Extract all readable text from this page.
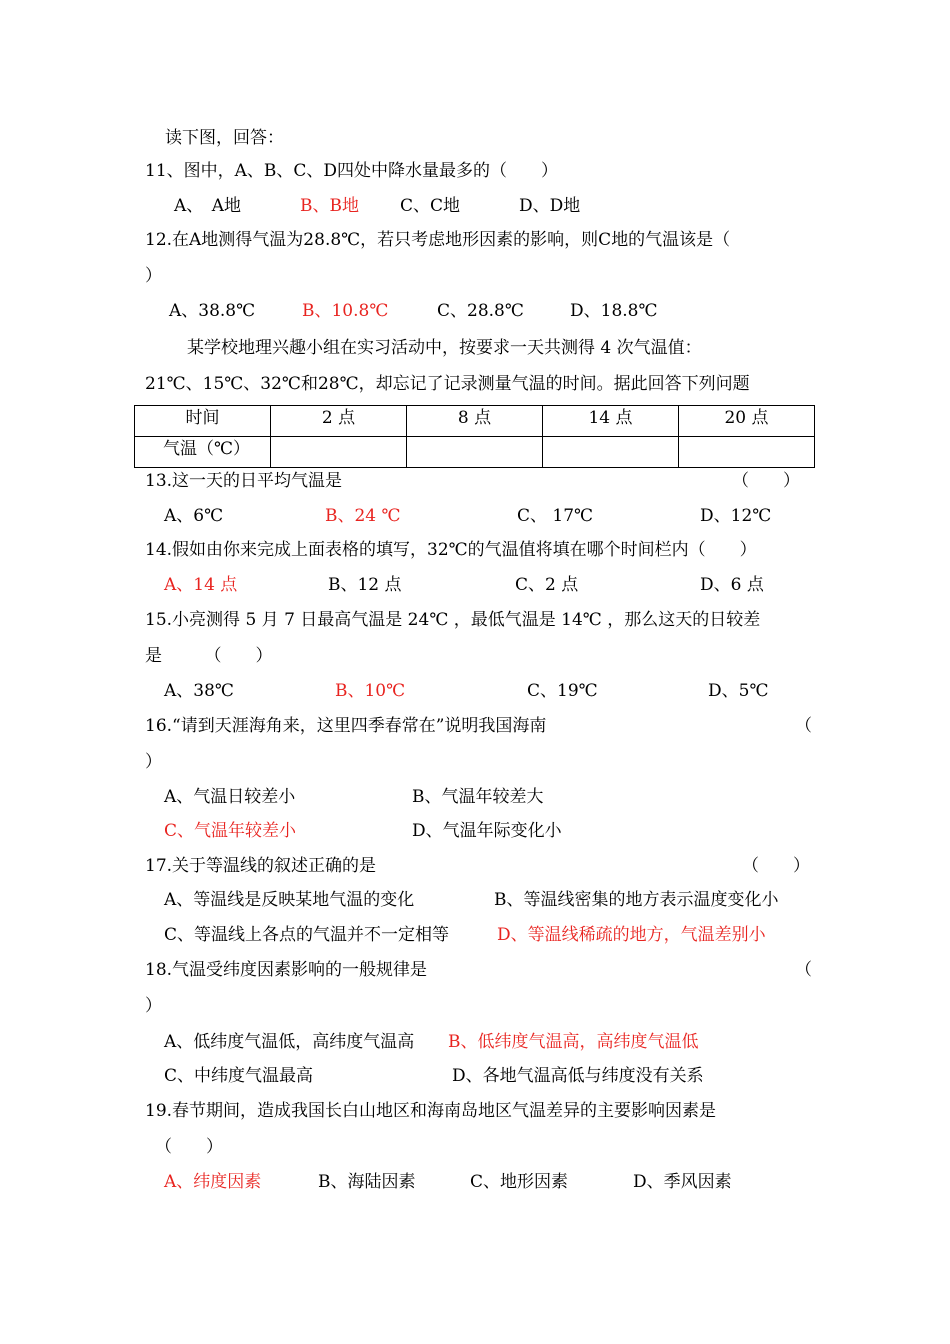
读下图，回答：
11、图中，A、B、C、D四处中降水量最多的（　　）
A、　A地	B、B地 C、C地	D、D地
12.在A地测得气温为28.8℃，若只考虑地形因素的影响，则C地的气温该是（
）
A、38.8℃	B、10.8℃	C、28.8℃	D、18.8℃
某学校地理兴趣小组在实习活动中，按要求一天共测得 4 次气温值：
21℃、15℃、32℃和28℃，却忘记了记录测量气温的时间。据此回答下列问题
时间	2 点	8 点	14 点	20 点
气温（℃）				
13.这一天的日平均气温是	（　　）
A、6℃	B、24 ℃	C、 17℃	D、12℃
14.假如由你来完成上面表格的填写，32℃的气温值将填在哪个时间栏内（　　）
A、14 点	B、12 点	C、2 点	D、6 点
15.小亮测得 5 月 7 日最高气温是 24℃ ，最低气温是 14℃ ，那么这天的日较差
是　　　（　　）
A、38℃	B、10℃	C、19℃	D、5℃
16.“请到天涯海角来，这里四季春常在”说明我国海南	（
）
A、气温日较差小	B、气温年较差大
C、气温年较差小	D、气温年际变化小
17.关于等温线的叙述正确的是	（　　）
A、等温线是反映某地气温的变化	B、等温线密集的地方表示温度变化小
C、等温线上各点的气温并不一定相等	D、等温线稀疏的地方，气温差别小
18.气温受纬度因素影响的一般规律是	（
）
A、低纬度气温低，高纬度气温高 B、低纬度气温高，高纬度气温低
C、中纬度气温最高	D、各地气温高低与纬度没有关系
19.春节期间，造成我国长白山地区和海南岛地区气温差异的主要影响因素是
（　　）
A、纬度因素	B、海陆因素	C、地形因素	D、季风因素
